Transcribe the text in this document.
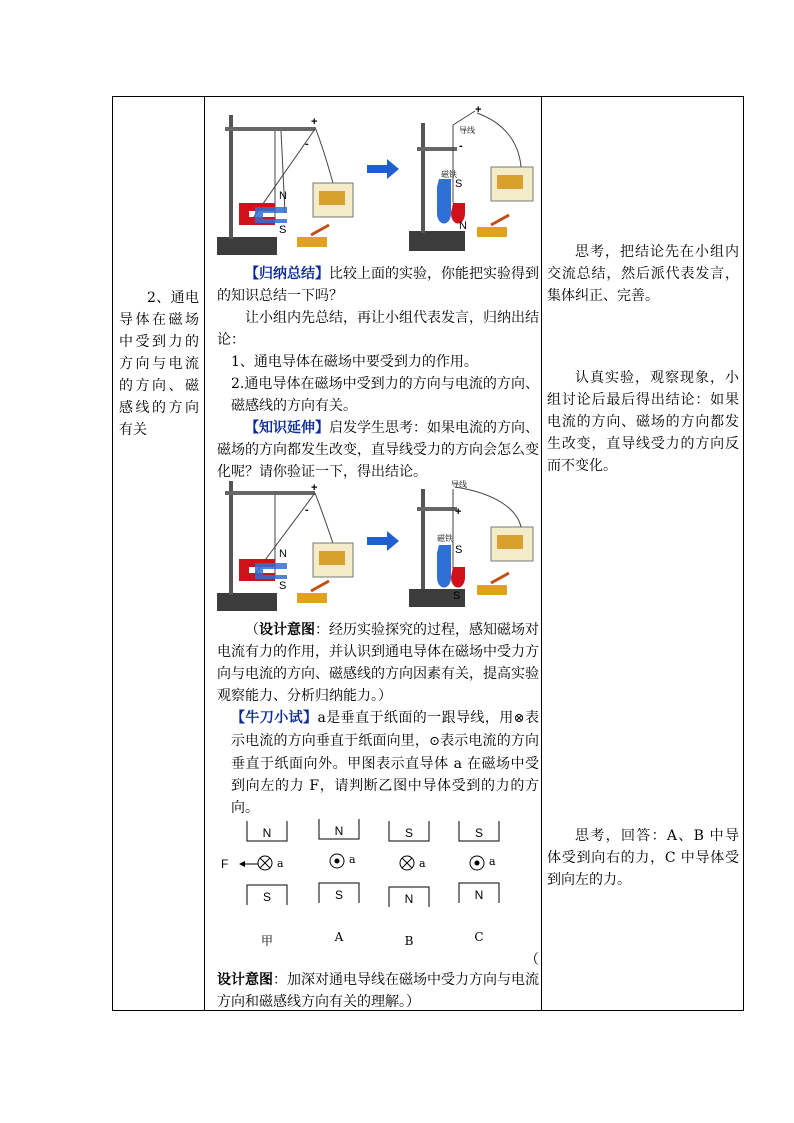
2、通电导体在磁场中受到力的方向与电流的方向、磁感线的方向有关
N
S
+
-
+
-
导线
磁铁
S
N
【归纳总结】比较上面的实验，你能把实验得到的知识总结一下吗？
让小组内先总结，再让小组代表发言，归纳出结论：
1、通电导体在磁场中要受到力的作用。
2.通电导体在磁场中受到力的方向与电流的方向、磁感线的方向有关。
【知识延伸】启发学生思考：如果电流的方向、磁场的方向都发生改变，直导线受力的方向会怎么变化呢？请你验证一下，得出结论。
N
S
+
-
导线
+
磁铁
S
S
（设计意图：经历实验探究的过程，感知磁场对电流有力的作用，并认识到通电导体在磁场中受力方向与电流的方向、磁感线的方向因素有关，提高实验观察能力、分析归纳能力。）
【牛刀小试】a是垂直于纸面的一跟导线，用⊗表示电流的方向垂直于纸面向里，⊙表示电流的方向垂直于纸面向外。甲图表示直导体 a 在磁场中受到向左的力 F，请判断乙图中导体受到的力的方向。
N
a
F
S
甲
N
a
S
A
S
a
N
B
S
a
N
C
（
设计意图：加深对通电导线在磁场中受力方向与电流方向和磁感线方向有关的理解。）
思考，把结论先在小组内交流总结，然后派代表发言，集体纠正、完善。
认真实验，观察现象，小组讨论后最后得出结论：如果电流的方向、磁场的方向都发生改变，直导线受力的方向反而不变化。
思考，回答：A、B 中导体受到向右的力，C 中导体受到向左的力。
